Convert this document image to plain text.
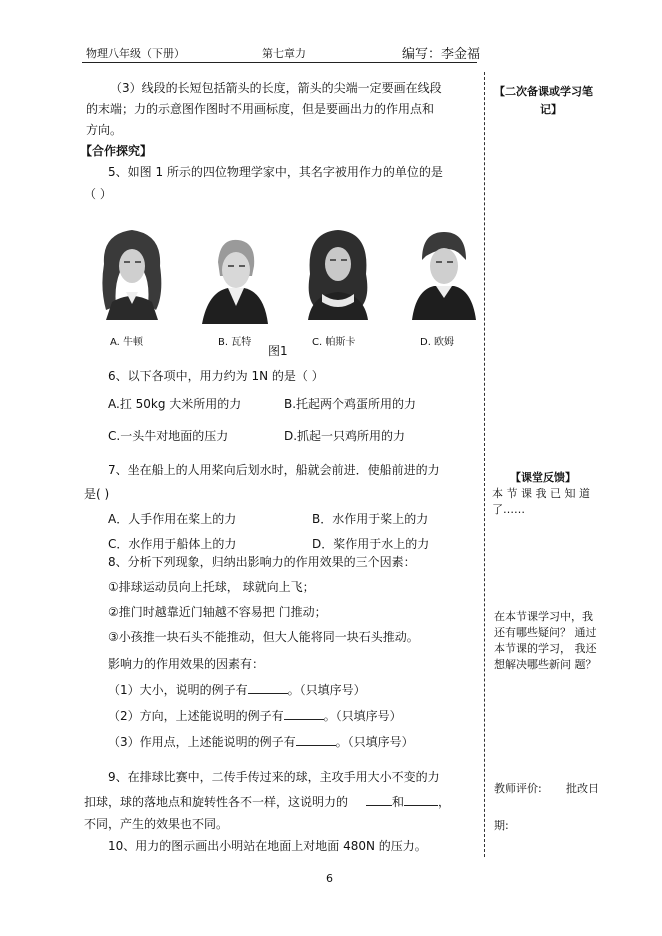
物理八年级（下册）	第七章力	编写：李金福
（3）线段的长短包括箭头的长度，箭头的尖端一定要画在线段
的末端；力的示意图作图时不用画标度，但是要画出力的作用点和
方向。
【合作探究】
5、如图 1 所示的四位物理学家中，其名字被用作力的单位的是
（ ）
A. 牛顿	B. 瓦特	C. 帕斯卡	D. 欧姆
图1
6、以下各项中，用力约为 1N 的是（ ）
A.扛 50kg 大米所用的力	B.托起两个鸡蛋所用的力
C.一头牛对地面的压力	D.抓起一只鸡所用的力
7、坐在船上的人用桨向后划水时，船就会前进．使船前进的力
是( )
A．人手作用在桨上的力	B．水作用于桨上的力
C．水作用于船体上的力	D．桨作用于水上的力
8、分析下列现象，归纳出影响力的作用效果的三个因素：
①排球运动员向上托球， 球就向上飞；
②推门时越靠近门轴越不容易把 门推动；
③小孩推一块石头不能推动，但大人能将同一块石头推动。
影响力的作用效果的因素有：
（1）大小，说明的例子有	。（只填序号）
（2）方向，上述能说明的例子有	。（只填序号）
（3）作用点，上述能说明的例子有	。（只填序号）
9、在排球比赛中，二传手传过来的球，主攻手用大小不变的力
扣球，球的落地点和旋转性各不一样，这说明力的	和	，
不同，产生的效果也不同。
10、用力的图示画出小明站在地面上对地面 480N 的压力。
【二次备课或学习笔
记】
【课堂反馈】
本 节 课 我 已 知 道
了……
在本节课学习中，我
还有哪些疑问？ 通过
本节课的学习， 我还
想解决哪些新问 题？
教师评价: 批改日
期:
6
